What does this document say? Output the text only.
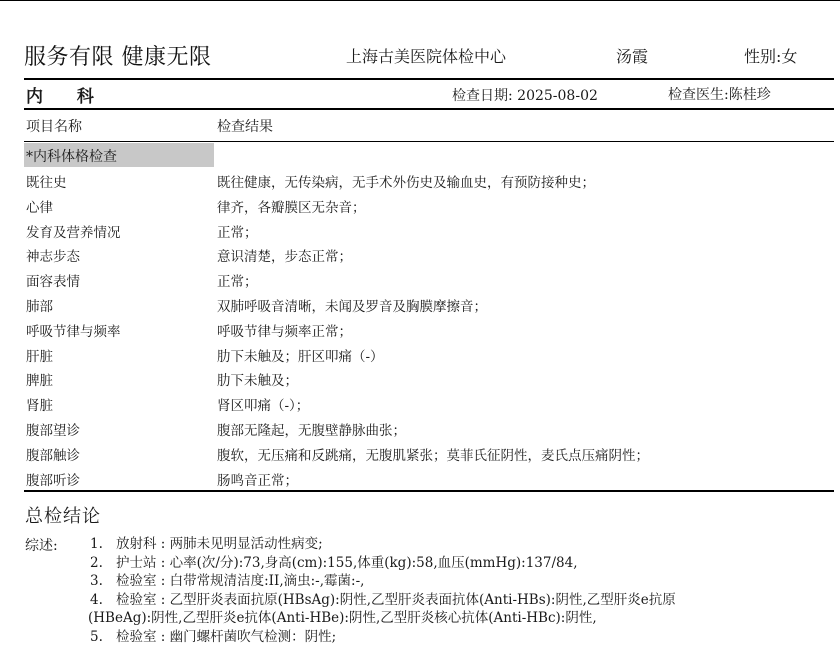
服务有限 健康无限	上海古美医院体检中心	汤霞	性别:女
内 科	检查日期: 2025-08-02	检查医生:陈桂珍
项目名称	检查结果
*内科体格检查
既往史	既往健康，无传染病，无手术外伤史及输血史，有预防接种史；
心律	律齐，各瓣膜区无杂音；
发育及营养情况	正常；
神志步态	意识清楚，步态正常；
面容表情	正常；
肺部	双肺呼吸音清晰，未闻及罗音及胸膜摩擦音；
呼吸节律与频率	呼吸节律与频率正常；
肝脏	肋下未触及；肝区叩痛（-）
脾脏	肋下未触及；
肾脏	肾区叩痛（-）；
腹部望诊	腹部无隆起，无腹壁静脉曲张；
腹部触诊	腹软，无压痛和反跳痛，无腹肌紧张；莫菲氏征阴性，麦氏点压痛阴性；
腹部听诊	肠鸣音正常；
总检结论
综述: 1. 放射科 : 两肺未见明显活动性病变;
2. 护士站 : 心率(次/分):73,身高(cm):155,体重(kg):58,血压(mmHg):137/84,
3. 检验室 : 白带常规清洁度:II,滴虫:-,霉菌:-,
4. 检验室 : 乙型肝炎表面抗原(HBsAg):阴性,乙型肝炎表面抗体(Anti-HBs):阴性,乙型肝炎e抗原
(HBeAg):阴性,乙型肝炎e抗体(Anti-HBe):阴性,乙型肝炎核心抗体(Anti-HBc):阴性,
5. 检验室 : 幽门螺杆菌吹气检测：阴性;
